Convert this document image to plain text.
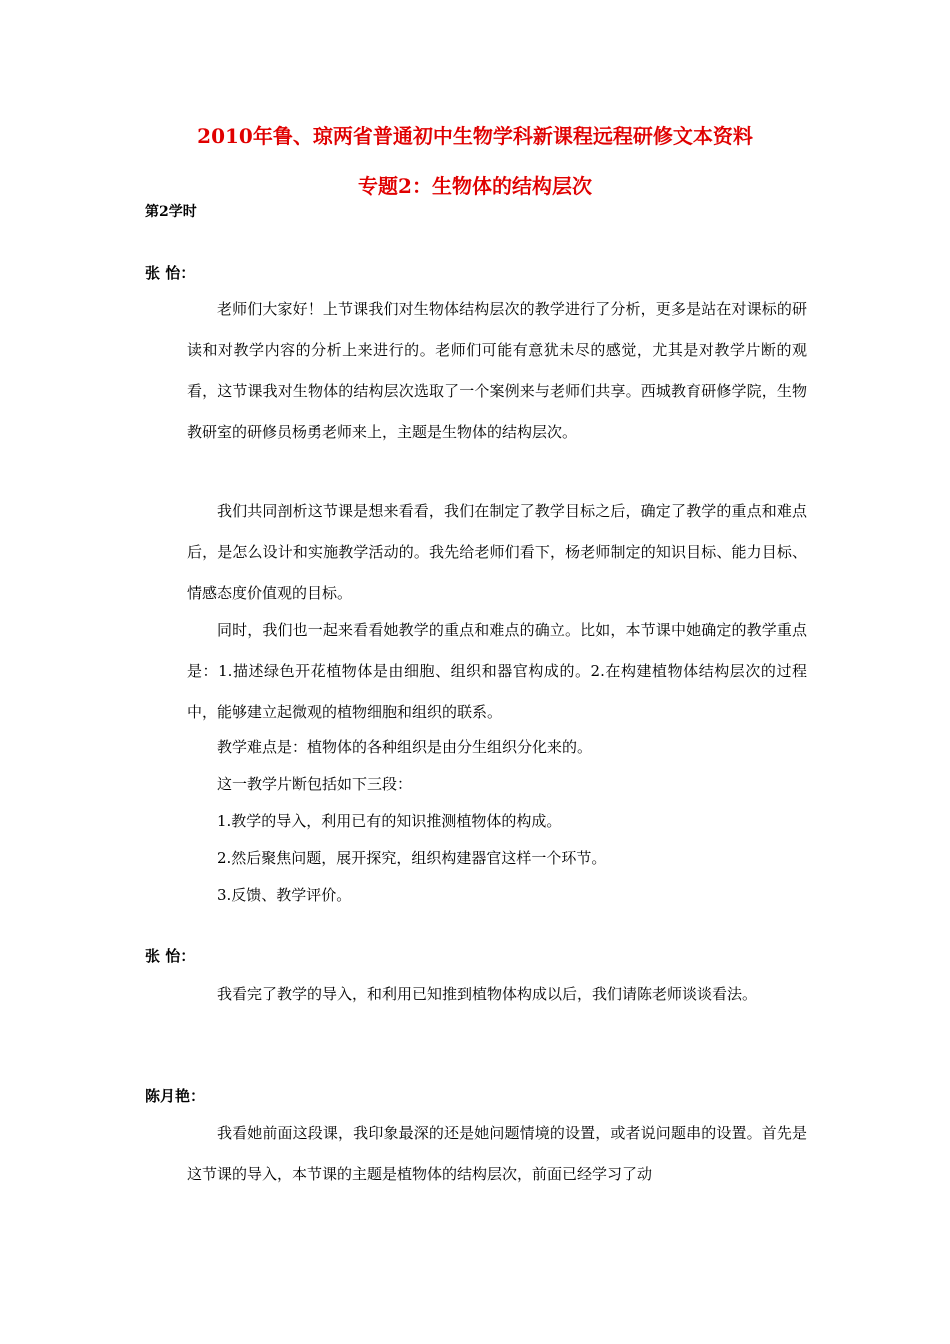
2010年鲁、琼两省普通初中生物学科新课程远程研修文本资料
专题2：生物体的结构层次
第2学时
张 怡：

老师们大家好！上节课我们对生物体结构层次的教学进行了分析，更多是站在对课标的研读和对教学内容的分析上来进行的。老师们可能有意犹未尽的感觉，尤其是对教学片断的观看，这节课我对生物体的结构层次选取了一个案例来与老师们共享。西城教育研修学院，生物教研室的研修员杨勇老师来上，主题是生物体的结构层次。

我们共同剖析这节课是想来看看，我们在制定了教学目标之后，确定了教学的重点和难点后，是怎么设计和实施教学活动的。我先给老师们看下，杨老师制定的知识目标、能力目标、情感态度价值观的目标。

同时，我们也一起来看看她教学的重点和难点的确立。比如，本节课中她确定的教学重点是：1.描述绿色开花植物体是由细胞、组织和器官构成的。2.在构建植物体结构层次的过程中，能够建立起微观的植物细胞和组织的联系。

教学难点是：植物体的各种组织是由分生组织分化来的。

这一教学片断包括如下三段：

1.教学的导入，利用已有的知识推测植物体的构成。

2.然后聚焦问题，展开探究，组织构建器官这样一个环节。

3.反馈、教学评价。

张 怡：

我看完了教学的导入，和利用已知推到植物体构成以后，我们请陈老师谈谈看法。

陈月艳：

我看她前面这段课，我印象最深的还是她问题情境的设置，或者说问题串的设置。首先是这节课的导入，本节课的主题是植物体的结构层次，前面已经学习了动
